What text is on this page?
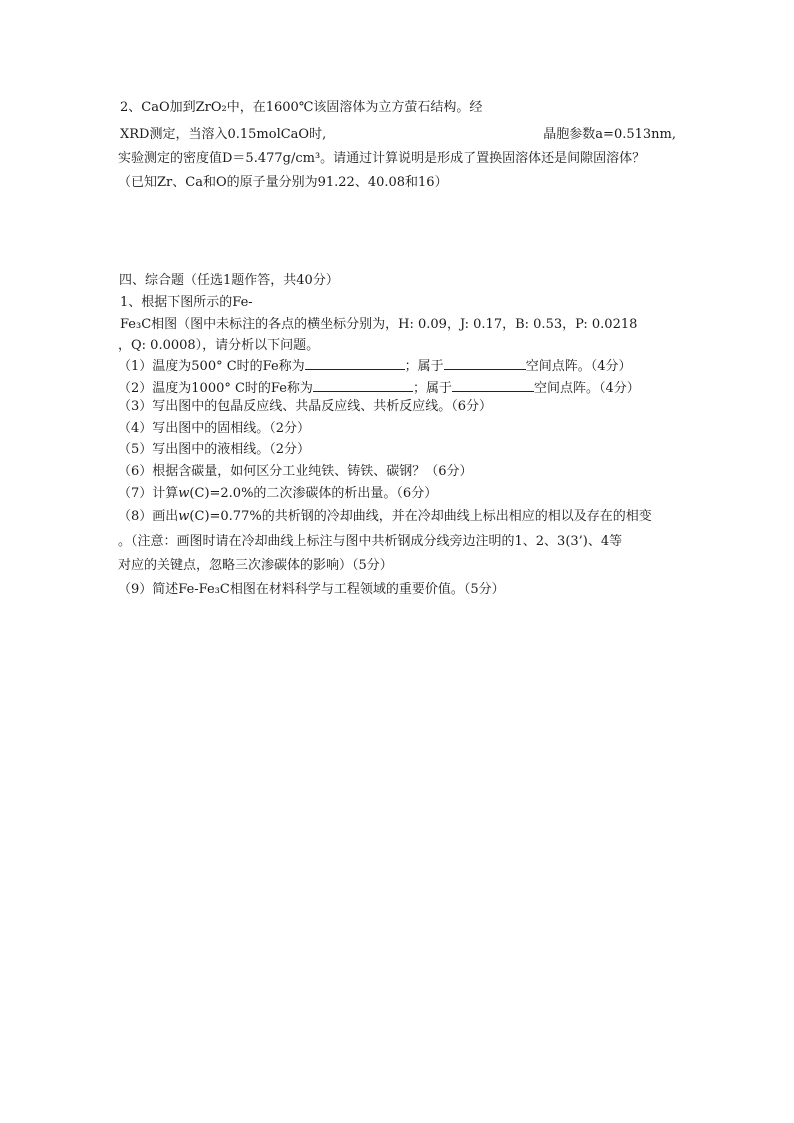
2、CaO加到ZrO₂中，在1600℃该固溶体为立方萤石结构。经
XRD测定，当溶入0.15molCaO时,	晶胞参数a=0.513nm,
实验测定的密度值D＝5.477g/cm³。请通过计算说明是形成了置换固溶体还是间隙固溶体？
（已知Zr、Ca和O的原子量分别为91.22、40.08和16）
四、综合题（任选1题作答，共40分）
1、根据下图所示的Fe-
Fe₃C相图（图中未标注的各点的横坐标分别为，H: 0.09，J: 0.17，B: 0.53，P: 0.0218
，Q: 0.0008），请分析以下问题。
（1）温度为500° C时的Fe称为	；属于	空间点阵。（4分）
（2）温度为1000° C时的Fe称为	；属于	空间点阵。（4分）
（3）写出图中的包晶反应线、共晶反应线、共析反应线。（6分）
（4）写出图中的固相线。（2分）
（5）写出图中的液相线。（2分）
（6）根据含碳量，如何区分工业纯铁、铸铁、碳钢？（6分）
（7）计算w(C)=2.0%的二次渗碳体的析出量。（6分）
（8）画出w(C)=0.77%的共析钢的冷却曲线，并在冷却曲线上标出相应的相以及存在的相变
。（注意：画图时请在冷却曲线上标注与图中共析钢成分线旁边注明的1、2、3(3’)、4等
对应的关键点，忽略三次渗碳体的影响）（5分）
（9）简述Fe-Fe₃C相图在材料科学与工程领域的重要价值。（5分）
